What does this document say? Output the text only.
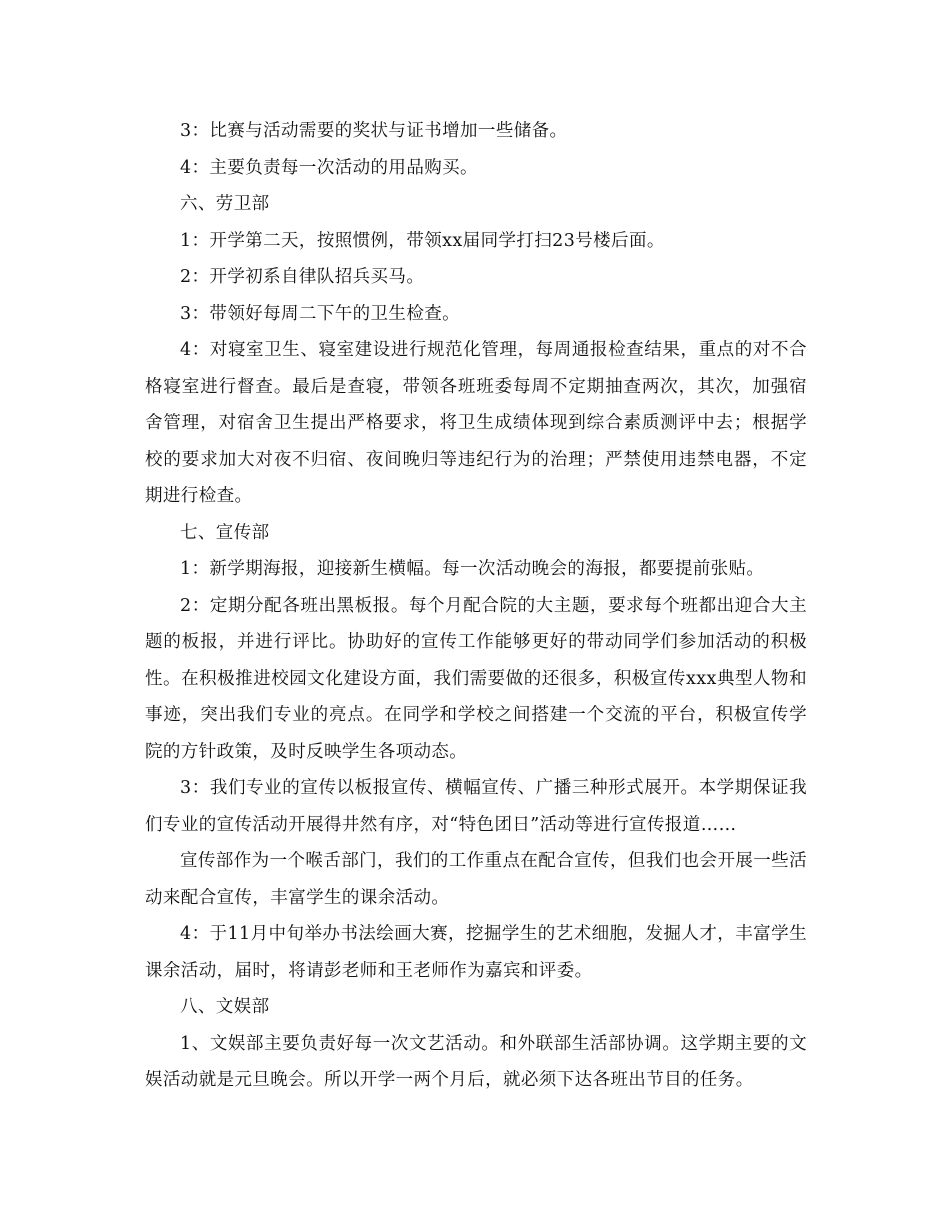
3：比赛与活动需要的奖状与证书增加一些储备。

4：主要负责每一次活动的用品购买。

六、劳卫部

1：开学第二天，按照惯例，带领xx届同学打扫23号楼后面。

2：开学初系自律队招兵买马。

3：带领好每周二下午的卫生检查。

4：对寝室卫生、寝室建设进行规范化管理，每周通报检查结果，重点的对不合格寝室进行督查。最后是查寝，带领各班班委每周不定期抽查两次，其次，加强宿舍管理，对宿舍卫生提出严格要求，将卫生成绩体现到综合素质测评中去；根据学校的要求加大对夜不归宿、夜间晚归等违纪行为的治理；严禁使用违禁电器，不定期进行检查。

七、宣传部

1：新学期海报，迎接新生横幅。每一次活动晚会的海报，都要提前张贴。

2：定期分配各班出黑板报。每个月配合院的大主题，要求每个班都出迎合大主题的板报，并进行评比。协助好的宣传工作能够更好的带动同学们参加活动的积极性。在积极推进校园文化建设方面，我们需要做的还很多，积极宣传xxx典型人物和事迹，突出我们专业的亮点。在同学和学校之间搭建一个交流的平台，积极宣传学院的方针政策，及时反映学生各项动态。

3：我们专业的宣传以板报宣传、横幅宣传、广播三种形式展开。本学期保证我们专业的宣传活动开展得井然有序，对“特色团日”活动等进行宣传报道……

宣传部作为一个喉舌部门，我们的工作重点在配合宣传，但我们也会开展一些活动来配合宣传，丰富学生的课余活动。

4：于11月中旬举办书法绘画大赛，挖掘学生的艺术细胞，发掘人才，丰富学生课余活动，届时，将请彭老师和王老师作为嘉宾和评委。

八、文娱部

1、文娱部主要负责好每一次文艺活动。和外联部生活部协调。这学期主要的文娱活动就是元旦晚会。所以开学一两个月后，就必须下达各班出节目的任务。
